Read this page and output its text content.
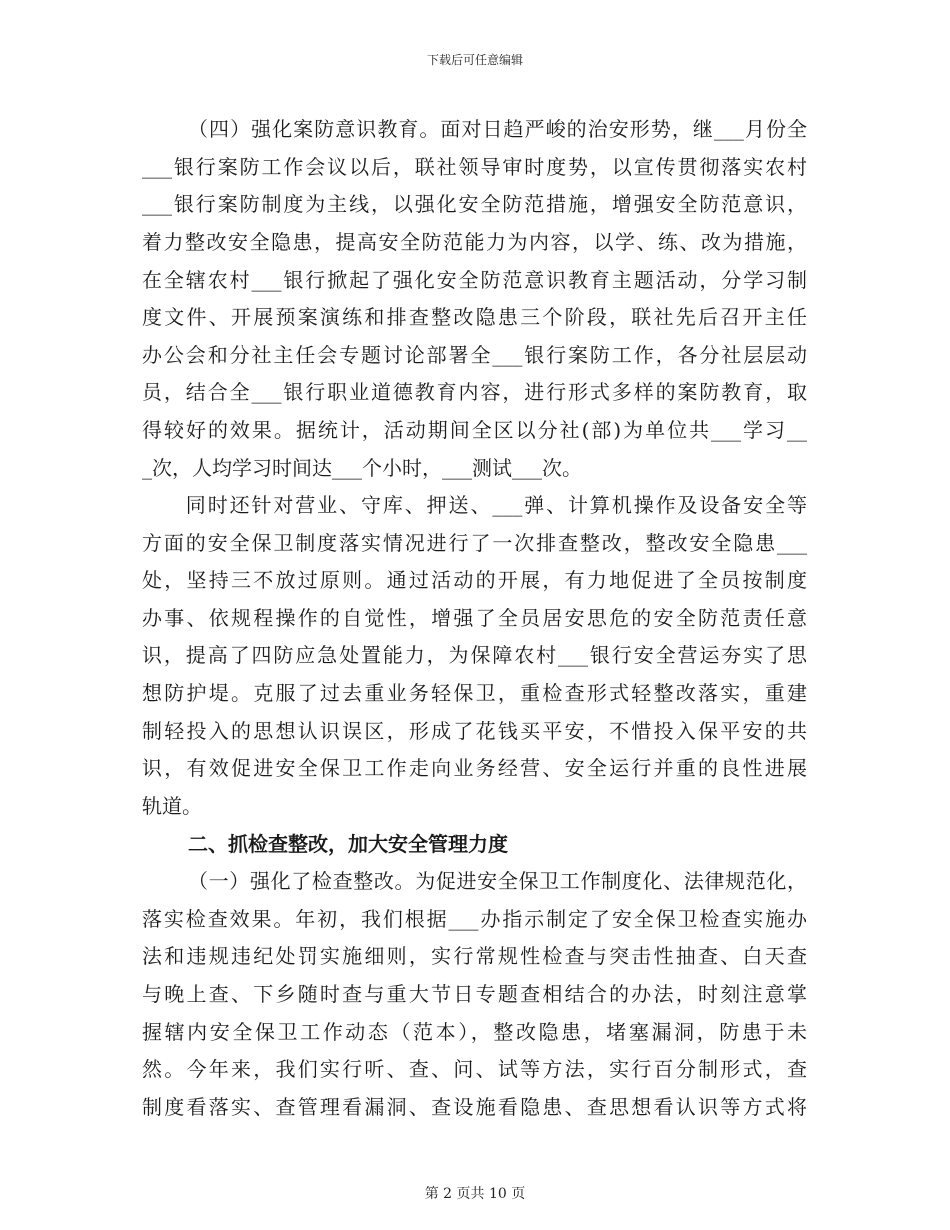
下载后可任意编辑
（四）强化案防意识教育。面对日趋严峻的治安形势，继___月份全
___银行案防工作会议以后，联社领导审时度势，以宣传贯彻落实农村
___银行案防制度为主线，以强化安全防范措施，增强安全防范意识，
着力整改安全隐患，提高安全防范能力为内容，以学、练、改为措施，
在全辖农村___银行掀起了强化安全防范意识教育主题活动，分学习制
度文件、开展预案演练和排查整改隐患三个阶段，联社先后召开主任
办公会和分社主任会专题讨论部署全___银行案防工作，各分社层层动
员，结合全___银行职业道德教育内容，进行形式多样的案防教育，取
得较好的效果。据统计，活动期间全区以分社(部)为单位共___学习__
_次，人均学习时间达___个小时，___测试___次。
　　同时还针对营业、守库、押送、___弹、计算机操作及设备安全等
方面的安全保卫制度落实情况进行了一次排查整改，整改安全隐患___
处，坚持三不放过原则。通过活动的开展，有力地促进了全员按制度
办事、依规程操作的自觉性，增强了全员居安思危的安全防范责任意
识，提高了四防应急处置能力，为保障农村___银行安全营运夯实了思
想防护堤。克服了过去重业务轻保卫，重检查形式轻整改落实，重建
制轻投入的思想认识误区，形成了花钱买平安，不惜投入保平安的共
识，有效促进安全保卫工作走向业务经营、安全运行并重的良性进展
轨道。
二、抓检查整改，加大安全管理力度
（一）强化了检查整改。为促进安全保卫工作制度化、法律规范化，
落实检查效果。年初，我们根据___办指示制定了安全保卫检查实施办
法和违规违纪处罚实施细则，实行常规性检查与突击性抽查、白天查
与晚上查、下乡随时查与重大节日专题查相结合的办法，时刻注意掌
握辖内安全保卫工作动态（范本），整改隐患，堵塞漏洞，防患于未
然。今年来，我们实行听、查、问、试等方法，实行百分制形式，查
制度看落实、查管理看漏洞、查设施看隐患、查思想看认识等方式将
第 2 页共 10 页
